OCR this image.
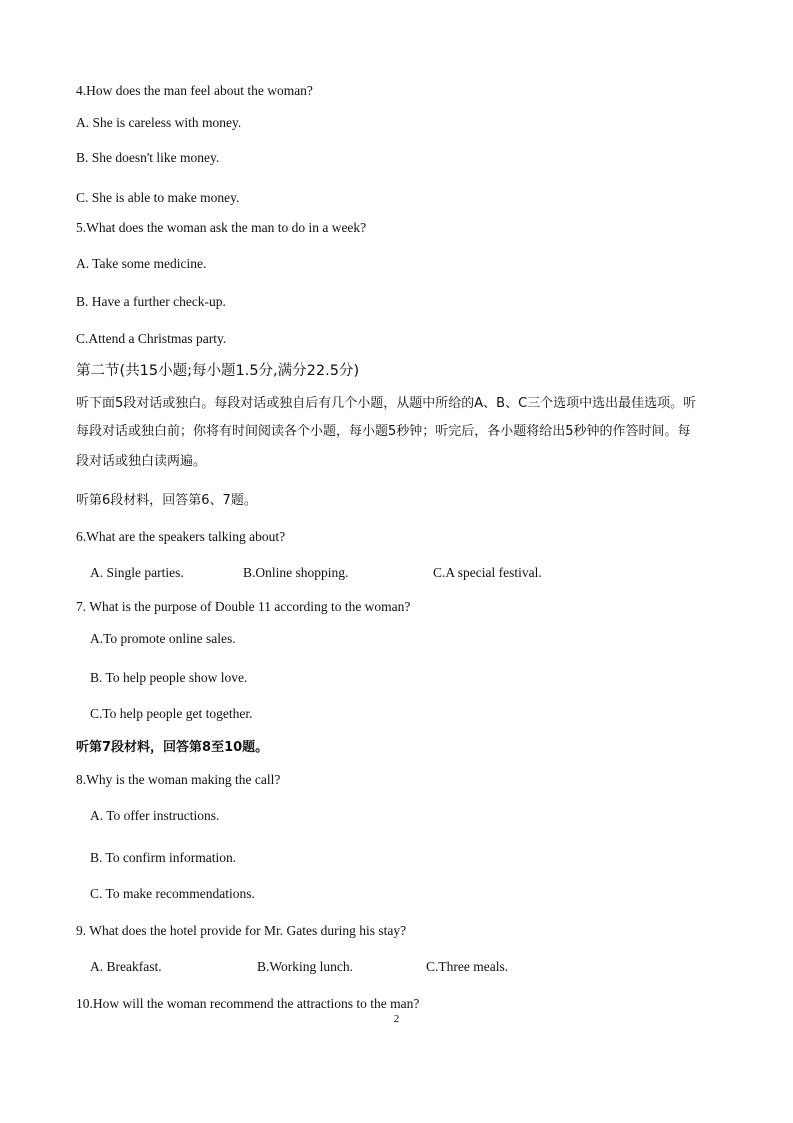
4.How does the man feel about the woman?
A. She is careless with money.
B. She doesn't like money.
C. She is able to make money.
5.What does the woman ask the man to do in a week?
A. Take some medicine.
B. Have a further check-up.
C.Attend a Christmas party.
第二节(共15小题;每小题1.5分,满分22.5分)
听下面5段对话或独白。每段对话或独自后有几个小题，从题中所给的A、B、C三个选项中选出最佳选项。听
每段对话或独白前；你将有时间阅读各个小题，每小题5秒钟；听完后，各小题将给出5秒钟的作答时间。每
段对话或独白读两遍。
听第6段材料，回答第6、7题。
6.What are the speakers talking about?
A. Single parties.	B.Online shopping.	C.A special festival.
7. What is the purpose of Double 11 according to the woman?
A.To promote online sales.
B. To help people show love.
C.To help people get together.
听第7段材料，回答第8至10题。
8.Why is the woman making the call?
A. To offer instructions.
B. To confirm information.
C. To make recommendations.
9. What does the hotel provide for Mr. Gates during his stay?
A. Breakfast.	B.Working lunch.	C.Three meals.
10.How will the woman recommend the attractions to the man?
2
